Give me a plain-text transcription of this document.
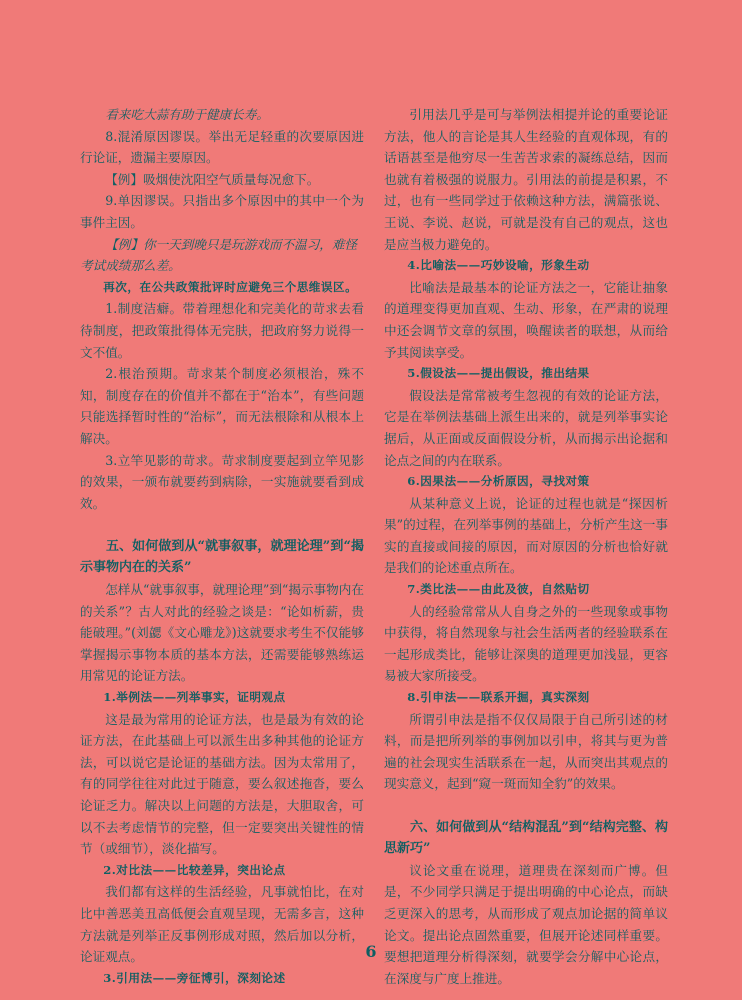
看来吃大蒜有助于健康长寿。

8.混淆原因谬误。举出无足轻重的次要原因进行论证，遗漏主要原因。

【例】吸烟使沈阳空气质量每况愈下。

9.单因谬误。只指出多个原因中的其中一个为事件主因。

【例】你一天到晚只是玩游戏而不温习，难怪考试成绩那么差。

再次，在公共政策批评时应避免三个思维误区。

1.制度洁癖。带着理想化和完美化的苛求去看待制度，把政策批得体无完肤，把政府努力说得一文不值。

2.根治预期。苛求某个制度必须根治，殊不知，制度存在的价值并不都在于“治本”，有些问题只能选择暂时性的“治标”，而无法根除和从根本上解决。

3.立竿见影的苛求。苛求制度要起到立竿见影的效果，一颁布就要药到病除，一实施就要看到成效。

五、如何做到从“就事叙事，就理论理”到“揭示事物内在的关系”

怎样从“就事叙事，就理论理”到“揭示事物内在的关系”？古人对此的经验之谈是：“论如析薪，贵能破理。”(刘勰《文心雕龙》)这就要求考生不仅能够掌握揭示事物本质的基本方法，还需要能够熟练运用常见的论证方法。

1.举例法——列举事实，证明观点

这是最为常用的论证方法，也是最为有效的论证方法，在此基础上可以派生出多种其他的论证方法，可以说它是论证的基础方法。因为太常用了，有的同学往往对此过于随意，要么叙述拖沓，要么论证乏力。解决以上问题的方法是，大胆取舍，可以不去考虑情节的完整，但一定要突出关键性的情节（或细节），淡化描写。

2.对比法——比较差异，突出论点

我们都有这样的生活经验，凡事就怕比，在对比中善恶美丑高低便会直观呈现，无需多言，这种方法就是列举正反事例形成对照，然后加以分析，论证观点。

3.引用法——旁征博引，深刻论述

引用法几乎是可与举例法相提并论的重要论证方法，他人的言论是其人生经验的直观体现，有的话语甚至是他穷尽一生苦苦求索的凝练总结，因而也就有着极强的说服力。引用法的前提是积累，不过，也有一些同学过于依赖这种方法，满篇张说、王说、李说、赵说，可就是没有自己的观点，这也是应当极力避免的。

4.比喻法——巧妙设喻，形象生动

比喻法是最基本的论证方法之一，它能让抽象的道理变得更加直观、生动、形象，在严肃的说理中还会调节文章的氛围，唤醒读者的联想，从而给予其阅读享受。

5.假设法——提出假设，推出结果

假设法是常常被考生忽视的有效的论证方法，它是在举例法基础上派生出来的，就是列举事实论据后，从正面或反面假设分析，从而揭示出论据和论点之间的内在联系。

6.因果法——分析原因，寻找对策

从某种意义上说，论证的过程也就是“探因析果”的过程，在列举事例的基础上，分析产生这一事实的直接或间接的原因，而对原因的分析也恰好就是我们的论述重点所在。

7.类比法——由此及彼，自然贴切

人的经验常常从人自身之外的一些现象或事物中获得，将自然现象与社会生活两者的经验联系在一起形成类比，能够让深奥的道理更加浅显，更容易被大家所接受。

8.引申法——联系开掘，真实深刻

所谓引申法是指不仅仅局限于自己所引述的材料，而是把所列举的事例加以引申，将其与更为普遍的社会现实生活联系在一起，从而突出其观点的现实意义，起到“窥一斑而知全豹”的效果。

六、如何做到从“结构混乱”到“结构完整、构思新巧”

议论文重在说理，道理贵在深刻而广博。但是，不少同学只满足于提出明确的中心论点，而缺乏更深入的思考，从而形成了观点加论据的简单议论文。提出论点固然重要，但展开论述同样重要。要想把道理分析得深刻，就要学会分解中心论点，在深度与广度上推进。

6
